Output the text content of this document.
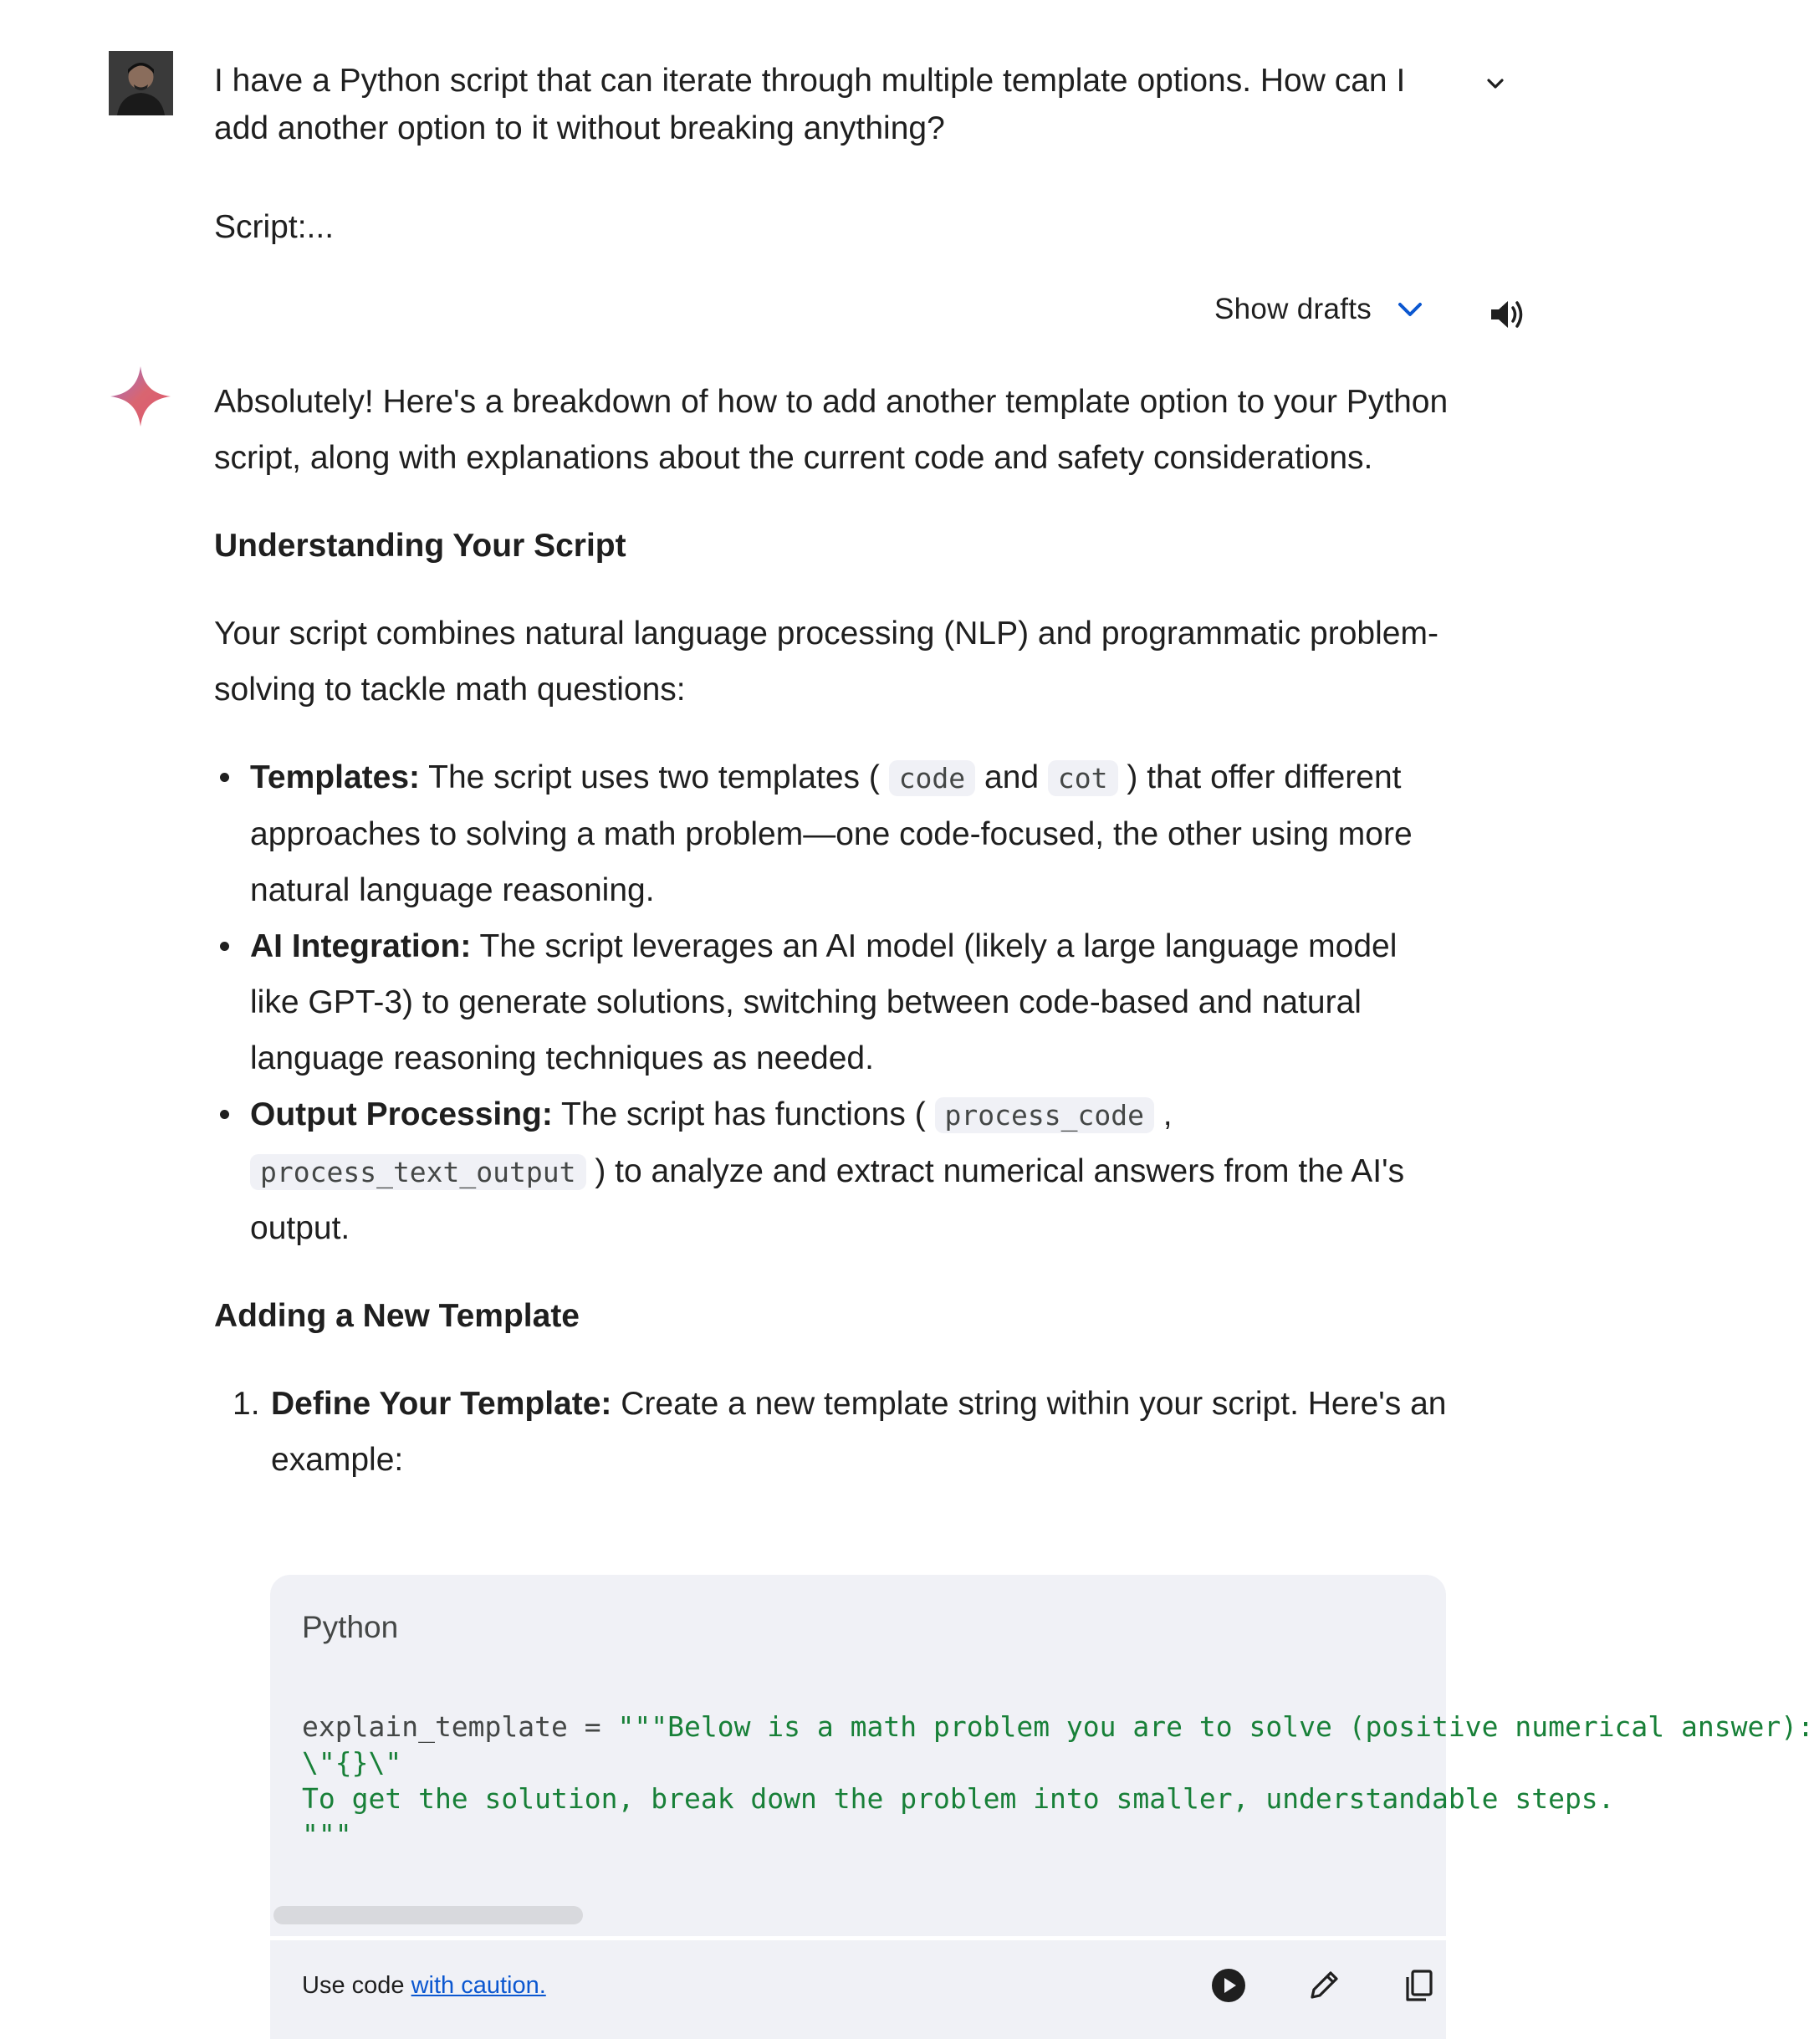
I have a Python script that can iterate through multiple template options. How can I add another option to it without breaking anything?
Script:...
Show drafts

Absolutely! Here's a breakdown of how to add another template option to your Python script, along with explanations about the current code and safety considerations.

Understanding Your Script

Your script combines natural language processing (NLP) and programmatic problem-solving to tackle math questions:

Templates: The script uses two templates ( code and cot ) that offer different approaches to solving a math problem—one code-focused, the other using more natural language reasoning.
AI Integration: The script leverages an AI model (likely a large language model like GPT-3) to generate solutions, switching between code-based and natural language reasoning techniques as needed.
Output Processing: The script has functions ( process_code ,
process_text_output ) to analyze and extract numerical answers from the AI's output.
Adding a New Template
1. Define Your Template: Create a new template string within your script. Here's an example:
Python
explain_template = """Below is a math problem you are to solve (positive numerical answer):
\"{}\"
To get the solution, break down the problem into smaller, understandable steps.
"""
Use code with caution.
